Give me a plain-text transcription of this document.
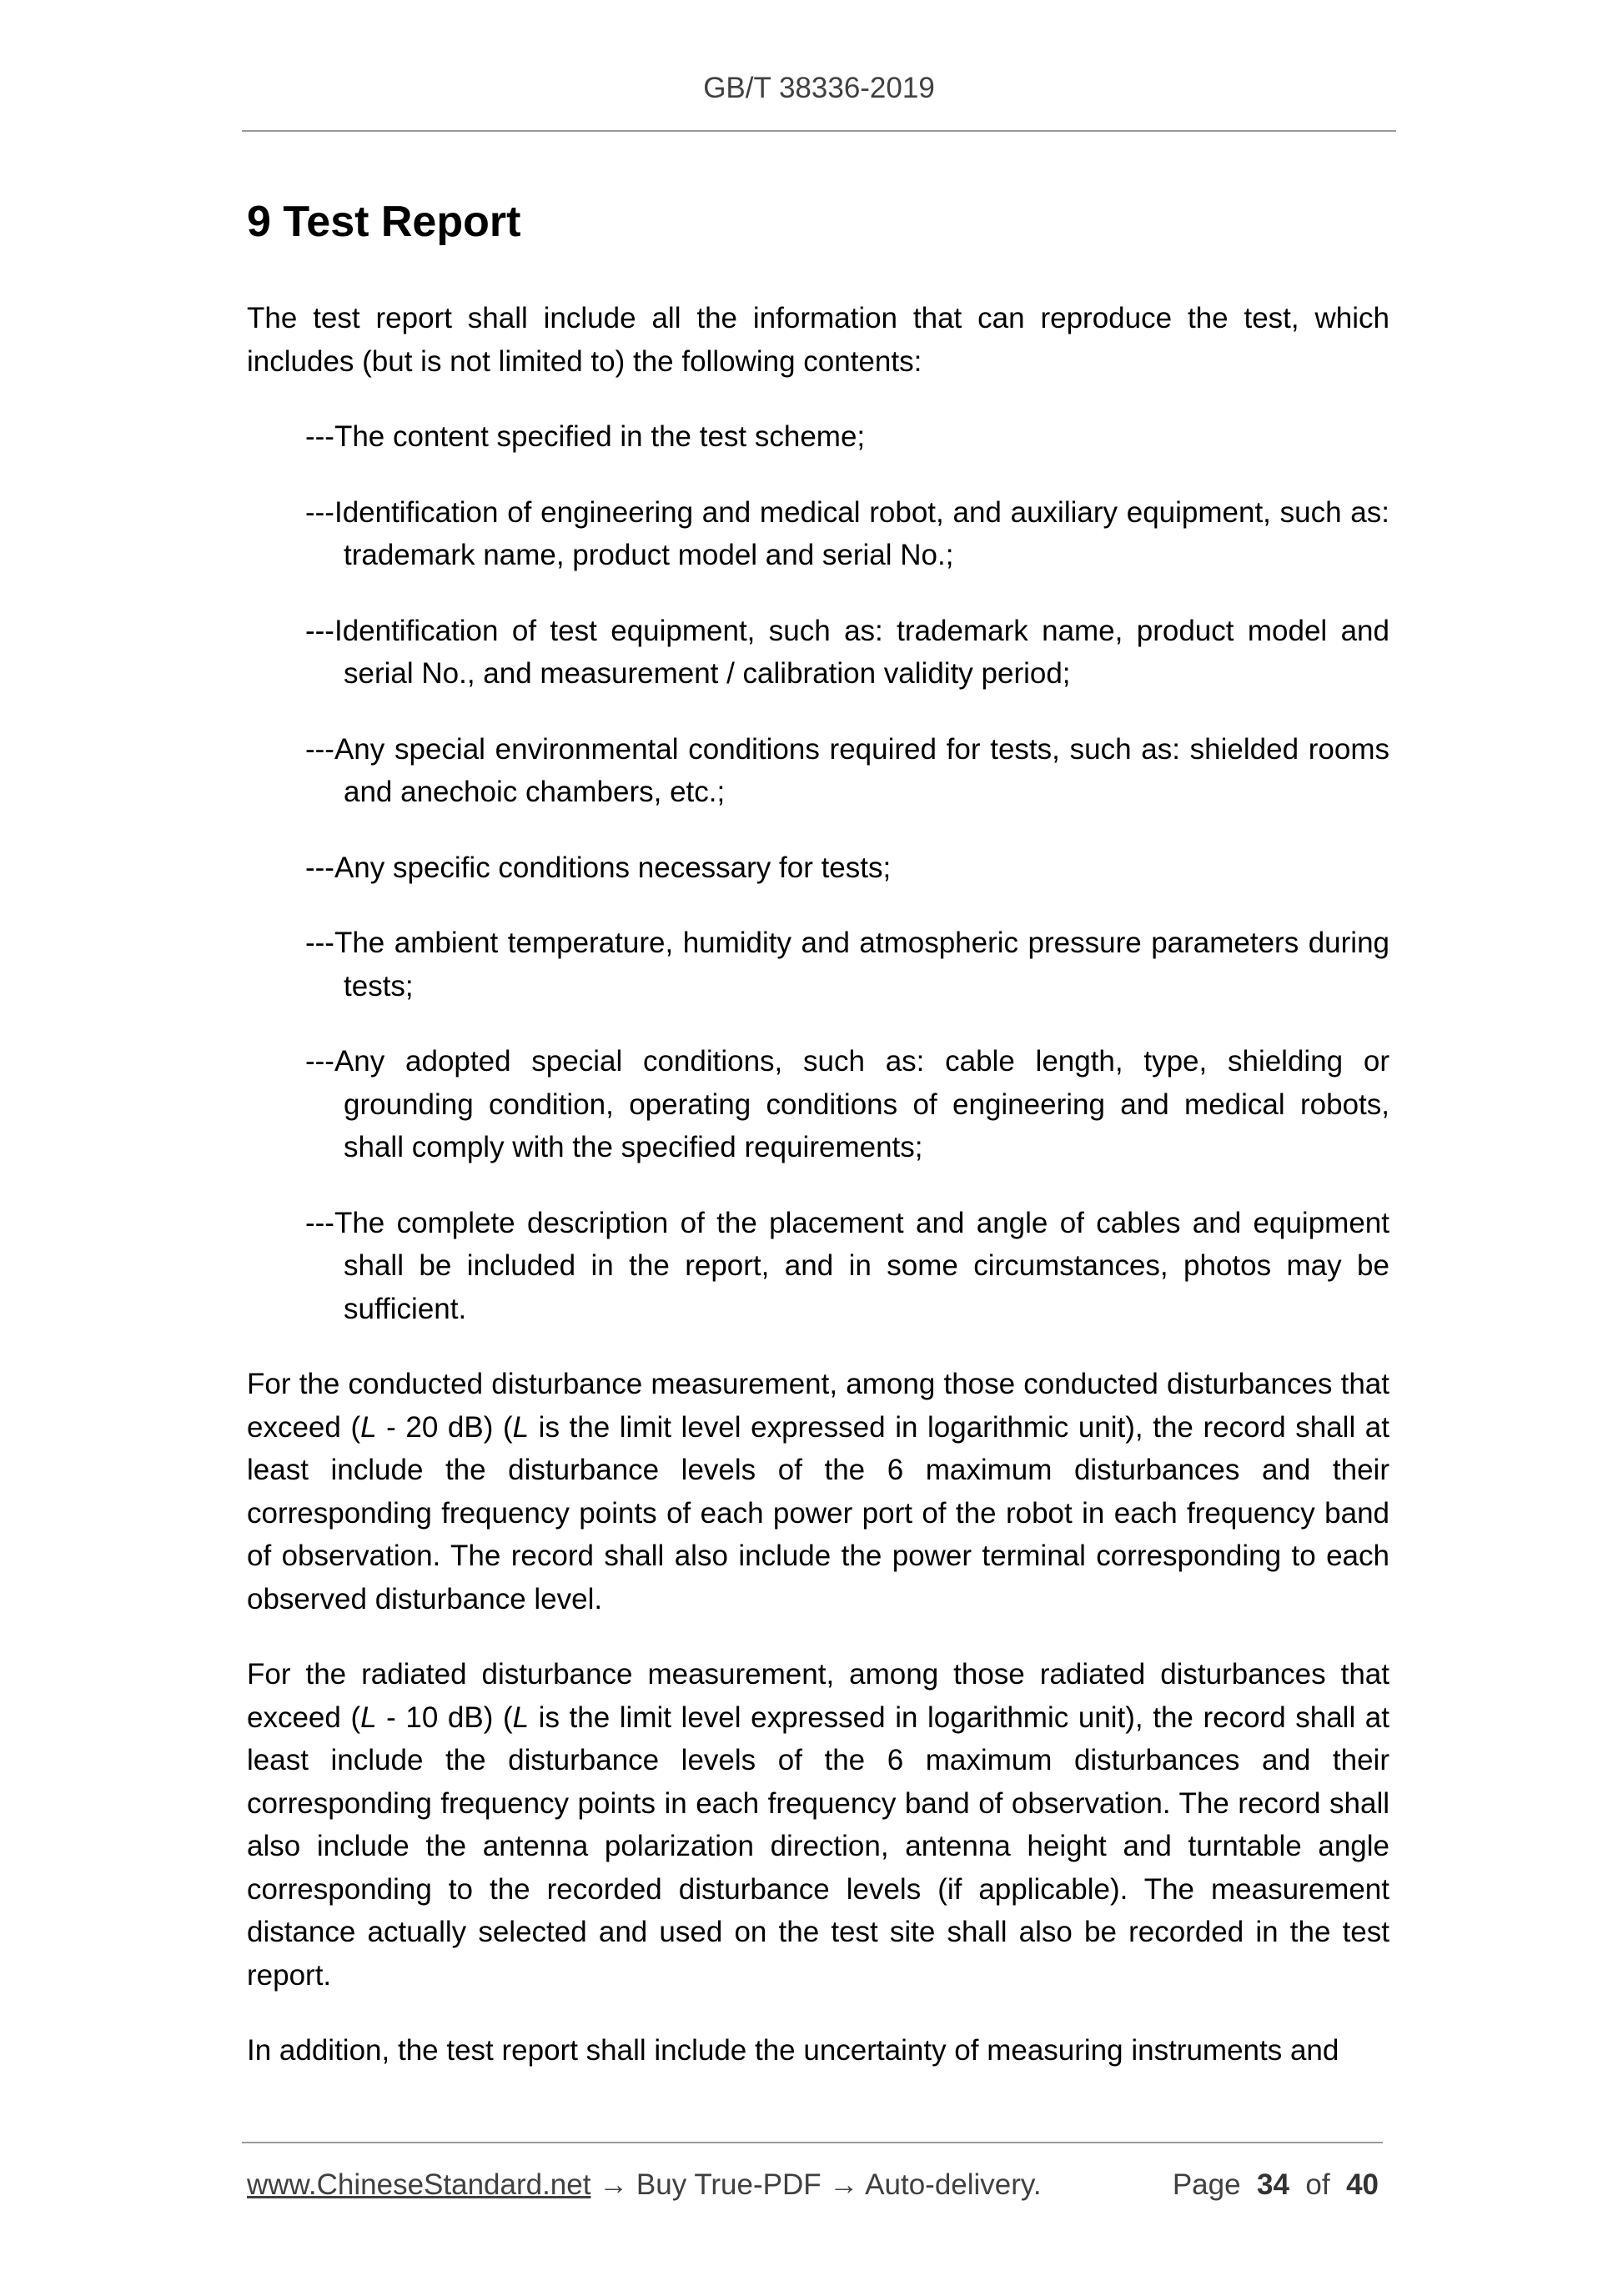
GB/T 38336-2019
9 Test Report

The test report shall include all the information that can reproduce the test, which includes (but is not limited to) the following contents:

---The content specified in the test scheme;

---Identification of engineering and medical robot, and auxiliary equipment, such as: trademark name, product model and serial No.;

---Identification of test equipment, such as: trademark name, product model and serial No., and measurement / calibration validity period;

---Any special environmental conditions required for tests, such as: shielded rooms and anechoic chambers, etc.;

---Any specific conditions necessary for tests;

---The ambient temperature, humidity and atmospheric pressure parameters during tests;

---Any adopted special conditions, such as: cable length, type, shielding or grounding condition, operating conditions of engineering and medical robots, shall comply with the specified requirements;

---The complete description of the placement and angle of cables and equipment shall be included in the report, and in some circumstances, photos may be sufficient.

For the conducted disturbance measurement, among those conducted disturbances that exceed (L - 20 dB) (L is the limit level expressed in logarithmic unit), the record shall at least include the disturbance levels of the 6 maximum disturbances and their corresponding frequency points of each power port of the robot in each frequency band of observation. The record shall also include the power terminal corresponding to each observed disturbance level.

For the radiated disturbance measurement, among those radiated disturbances that exceed (L - 10 dB) (L is the limit level expressed in logarithmic unit), the record shall at least include the disturbance levels of the 6 maximum disturbances and their corresponding frequency points in each frequency band of observation. The record shall also include the antenna polarization direction, antenna height and turntable angle corresponding to the recorded disturbance levels (if applicable). The measurement distance actually selected and used on the test site shall also be recorded in the test report.

In addition, the test report shall include the uncertainty of measuring instruments and

www.ChineseStandard.net → Buy True-PDF → Auto-delivery.	Page 34 of 40
